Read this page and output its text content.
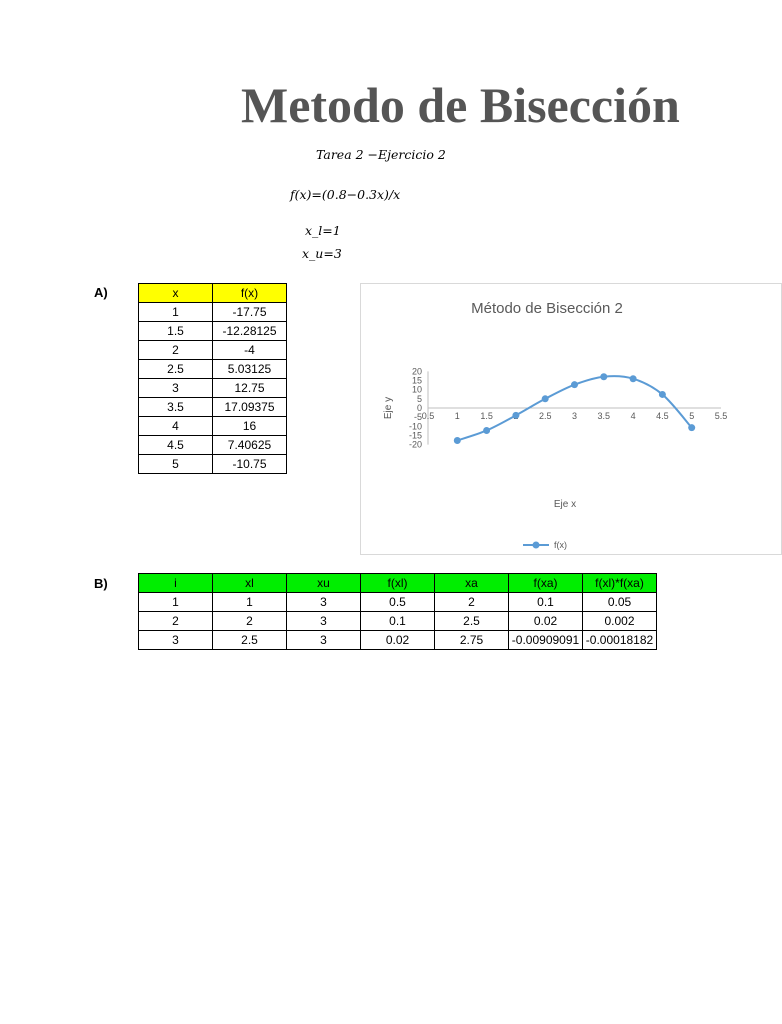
Metodo de Bisección
Tarea 2 −Ejercicio 2
f(x)=(0.8−0.3x)/x
x_l=1
x_u=3
A)
B)
x	f(x)
1	-17.75
1.5	-12.28125
2	-4
2.5	5.03125
3	12.75
3.5	17.09375
4	16
4.5	7.40625
5	-10.75
i	xl	xu	f(xl)	xa	f(xa)	f(xl)*f(xa)
1	1	3	0.5	2	0.1	0.05
2	2	3	0.1	2.5	0.02	0.002
3	2.5	3	0.02	2.75	-0.00909091	-0.00018182
Método de Bisección 2
Eje x
Eje y
f(x)
0.5 1 1.5	2.5 3 3.5 4 4.5 5 5.5
20
15
10
5
0
-5
-10
-15
-20
